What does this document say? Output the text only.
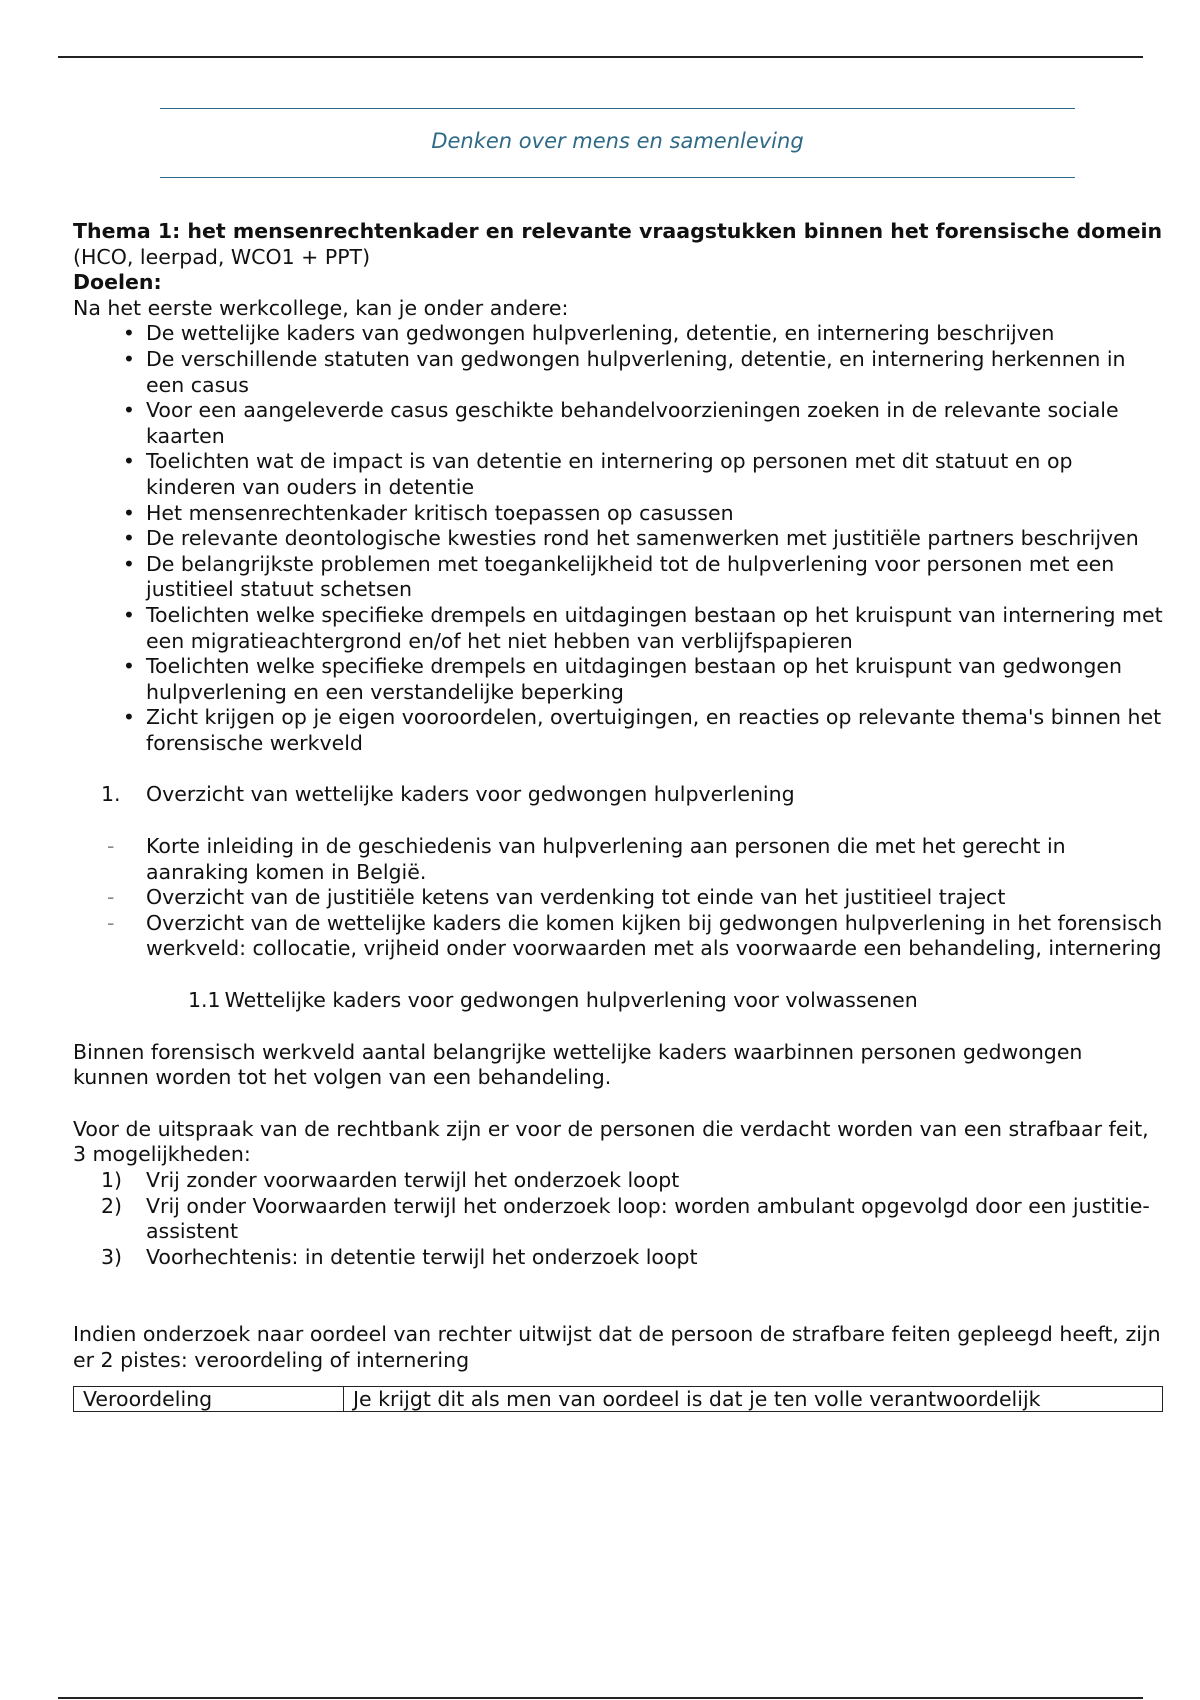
Denken over mens en samenleving

Thema 1: het mensenrechtenkader en relevante vraagstukken binnen het forensische domein

(HCO, leerpad, WCO1 + PPT)

Doelen:

Na het eerste werkcollege, kan je onder andere:

• De wettelijke kaders van gedwongen hulpverlening, detentie, en internering beschrijven
• De verschillende statuten van gedwongen hulpverlening, detentie, en internering herkennen in een casus
• Voor een aangeleverde casus geschikte behandelvoorzieningen zoeken in de relevante sociale kaarten
• Toelichten wat de impact is van detentie en internering op personen met dit statuut en op kinderen van ouders in detentie
• Het mensenrechtenkader kritisch toepassen op casussen
• De relevante deontologische kwesties rond het samenwerken met justitiële partners beschrijven
• De belangrijkste problemen met toegankelijkheid tot de hulpverlening voor personen met een justitieel statuut schetsen
• Toelichten welke specifieke drempels en uitdagingen bestaan op het kruispunt van internering met een migratieachtergrond en/of het niet hebben van verblijfspapieren
• Toelichten welke specifieke drempels en uitdagingen bestaan op het kruispunt van gedwongen hulpverlening en een verstandelijke beperking
• Zicht krijgen op je eigen vooroordelen, overtuigingen, en reacties op relevante thema's binnen het forensische werkveld
1. Overzicht van wettelijke kaders voor gedwongen hulpverlening
- Korte inleiding in de geschiedenis van hulpverlening aan personen die met het gerecht in aanraking komen in België.
- Overzicht van de justitiële ketens van verdenking tot einde van het justitieel traject
- Overzicht van de wettelijke kaders die komen kijken bij gedwongen hulpverlening in het forensisch werkveld: collocatie, vrijheid onder voorwaarden met als voorwaarde een behandeling, internering

1.1 Wettelijke kaders voor gedwongen hulpverlening voor volwassenen

Binnen forensisch werkveld aantal belangrijke wettelijke kaders waarbinnen personen gedwongen kunnen worden tot het volgen van een behandeling.

Voor de uitspraak van de rechtbank zijn er voor de personen die verdacht worden van een strafbaar feit, 3 mogelijkheden:

1) Vrij zonder voorwaarden terwijl het onderzoek loopt
2) Vrij onder Voorwaarden terwijl het onderzoek loop: worden ambulant opgevolgd door een justitie-assistent
3) Voorhechtenis: in detentie terwijl het onderzoek loopt

Indien onderzoek naar oordeel van rechter uitwijst dat de persoon de strafbare feiten gepleegd heeft, zijn er 2 pistes: veroordeling of internering

Veroordeling	Je krijgt dit als men van oordeel is dat je ten volle verantwoordelijk
